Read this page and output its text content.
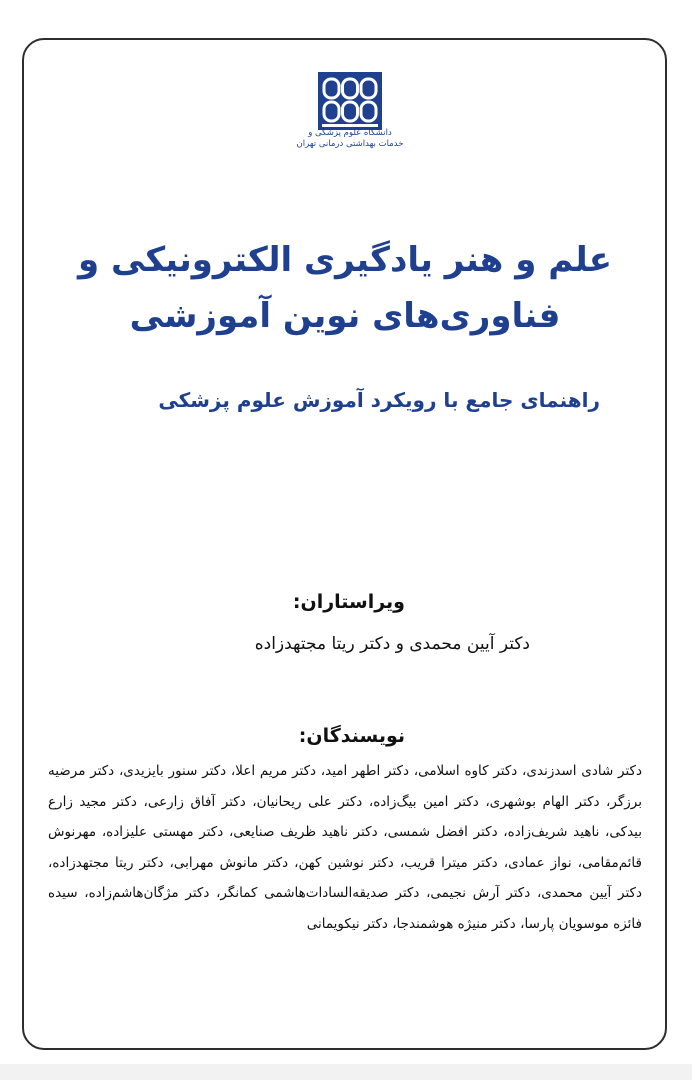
دانشگاه علوم پزشکی و
خدمات بهداشتی درمانی تهران
علم و هنر یادگیری الکترونیکی و فناوری‌های نوین آموزشی
راهنمای جامع با رویکرد آموزش علوم پزشکی
ویراستاران:
دکتر آیین محمدی و دکتر ریتا مجتهدزاده
نویسندگان:
دکتر شادی اسدزندی، دکتر کاوه اسلامی، دکتر اطهر امید، دکتر مریم اعلا، دکتر سنور بایزیدی، دکتر مرضیه برزگر، دکتر الهام بوشهری، دکتر امین بیگ‌زاده، دکتر علی ریحانیان، دکتر آفاق زارعی، دکتر مجید زارع بیدکی، ناهید شریف‌زاده، دکتر افضل شمسی، دکتر ناهید ظریف صنایعی، دکتر مهستی علیزاده، مهرنوش قائم‌مقامی، نواز عمادی، دکتر میترا قریب، دکتر نوشین کهن، دکتر مانوش مهرابی، دکتر ریتا مجتهدزاده، دکتر آیین محمدی، دکتر آرش نجیمی، دکتر صدیقه‌السادات‌هاشمی کمانگر، دکتر مژگان‌هاشم‌زاده، سیده فائزه موسویان پارسا، دکتر منیژه هوشمندجا، دکتر نیکویمانی
